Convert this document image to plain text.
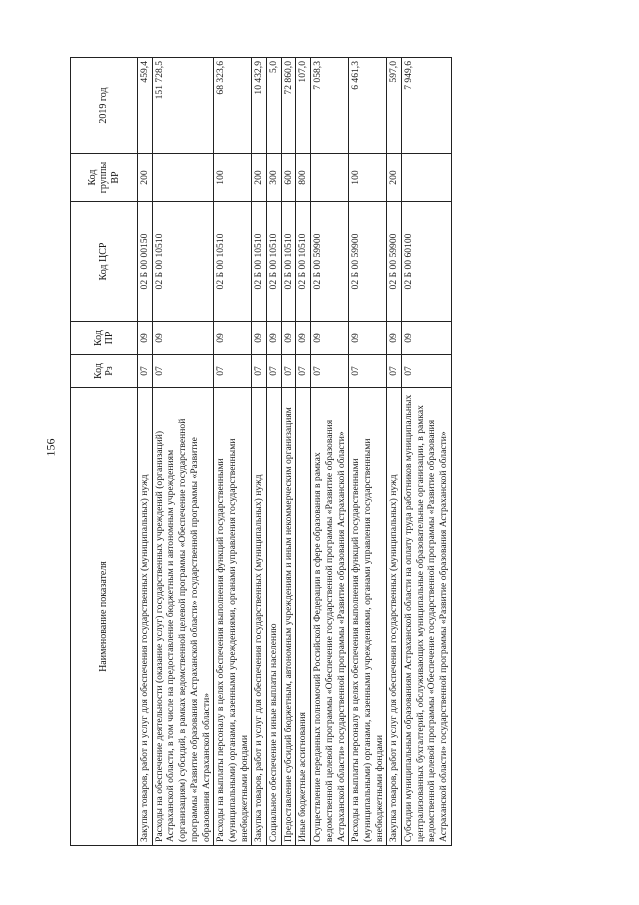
156
Наименование показателя	Код Рз	Код ПР	Код ЦСР	Код группы ВР	2019 год
Закупка товаров, работ и услуг для обеспечения государственных (муниципальных) нужд	07	09	02 Б 00 00150	200	459,4
Расходы на обеспечение деятельности (оказание услуг) государственных учреждений (организаций) Астраханской области, в том числе на предоставление бюджетным и автономным учреждениям (организациям) субсидий, в рамках ведомственной целевой программы «Обеспечение государственной программы «Развитие образования Астраханской области» государственной программы «Развитие образования Астраханской области»	07	09	02 Б 00 10510		151 728,5
Расходы на выплаты персоналу в целях обеспечения выполнения функций государственными (муниципальными) органами, казенными учреждениями, органами управления государственными внебюджетными фондами	07	09	02 Б 00 10510	100	68 323,6
Закупка товаров, работ и услуг для обеспечения государственных (муниципальных) нужд	07	09	02 Б 00 10510	200	10 432,9
Социальное обеспечение и иные выплаты населению	07	09	02 Б 00 10510	300	5,0
Предоставление субсидий бюджетным, автономным учреждениям и иным некоммерческим организациям	07	09	02 Б 00 10510	600	72 860,0
Иные бюджетные ассигнования	07	09	02 Б 00 10510	800	107,0
Осуществление переданных полномочий Российской Федерации в сфере образования в рамках ведомственной целевой программы «Обеспечение государственной программы «Развитие образования Астраханской области» государственной программы «Развитие образования Астраханской области»	07	09	02 Б 00 59900		7 058,3
Расходы на выплаты персоналу в целях обеспечения выполнения функций государственными (муниципальными) органами, казенными учреждениями, органами управления государственными внебюджетными фондами	07	09	02 Б 00 59900	100	6 461,3
Закупка товаров, работ и услуг для обеспечения государственных (муниципальных) нужд	07	09	02 Б 00 59900	200	597,0
Субсидии муниципальным образованиям Астраханской области на оплату труда работников муниципальных централизованных бухгалтерий, обслуживающих муниципальные образовательные организации, в рамках ведомственной целевой программы «Обеспечение государственной программы «Развитие образования Астраханской области» государственной программы «Развитие образования Астраханской области»	07	09	02 Б 00 60100		7 949,6
